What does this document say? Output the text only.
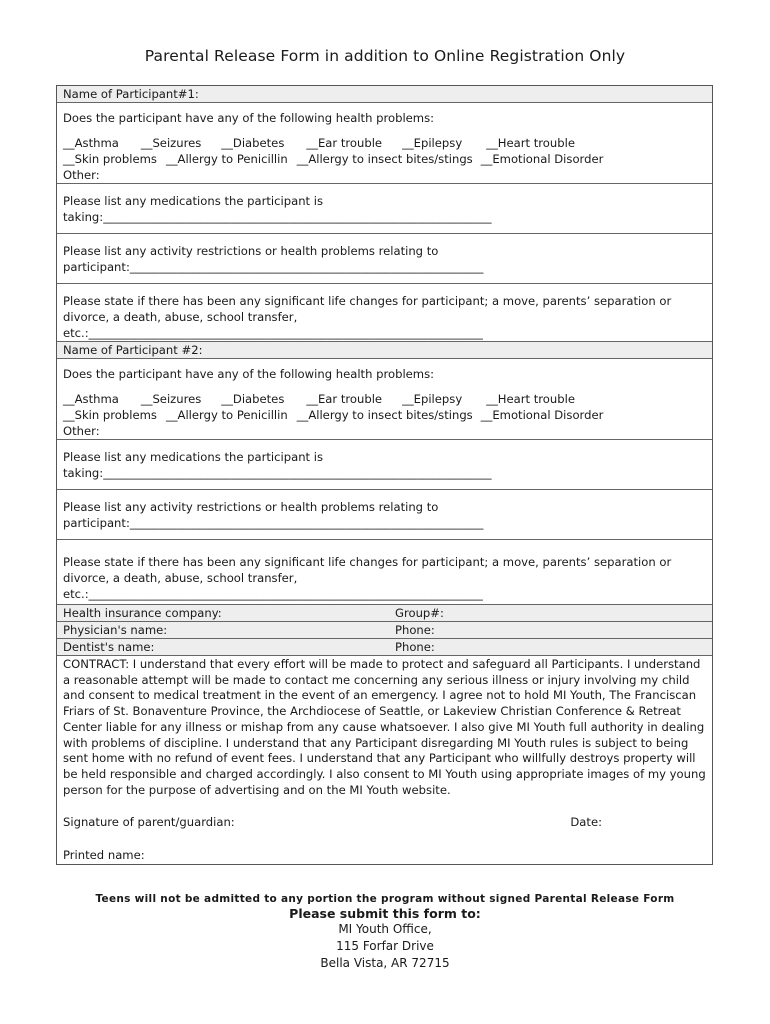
Parental Release Form in addition to Online Registration Only
Name of Participant#1:
Does the participant have any of the following health problems:
__Asthma __Seizures __Diabetes __Ear trouble __Epilepsy __Heart trouble
__Skin problems __Allergy to Penicillin __Allergy to insect bites/stings __Emotional Disorder
Other:
Please list any medications the participant is taking:___________________________________________________________________
Please list any activity restrictions or health problems relating to participant:_____________________________________________________________
Please state if there has been any significant life changes for participant; a move, parents’ separation or divorce, a death, abuse, school transfer, etc.:____________________________________________________________________
Name of Participant #2:
Does the participant have any of the following health problems:
__Asthma __Seizures __Diabetes __Ear trouble __Epilepsy __Heart trouble
__Skin problems __Allergy to Penicillin __Allergy to insect bites/stings __Emotional Disorder
Other:
Please list any medications the participant is taking:___________________________________________________________________
Please list any activity restrictions or health problems relating to participant:_____________________________________________________________
Please state if there has been any significant life changes for participant; a move, parents’ separation or divorce, a death, abuse, school transfer, etc.:____________________________________________________________________
Health insurance company:	Group#:
Physician's name:	Phone:
Dentist's name:	Phone:
CONTRACT: I understand that every effort will be made to protect and safeguard all Participants. I understand a reasonable attempt will be made to contact me concerning any serious illness or injury involving my child and consent to medical treatment in the event of an emergency. I agree not to hold MI Youth, The Franciscan Friars of St. Bonaventure Province, the Archdiocese of Seattle, or Lakeview Christian Conference & Retreat Center liable for any illness or mishap from any cause whatsoever. I also give MI Youth full authority in dealing with problems of discipline. I understand that any Participant disregarding MI Youth rules is subject to being sent home with no refund of event fees. I understand that any Participant who willfully destroys property will be held responsible and charged accordingly. I also consent to MI Youth using appropriate images of my young person for the purpose of advertising and on the MI Youth website.
Signature of parent/guardian:	Date:
Printed name:
Teens will not be admitted to any portion the program without signed Parental Release Form
Please submit this form to:
MI Youth Office,
115 Forfar Drive
Bella Vista, AR 72715
